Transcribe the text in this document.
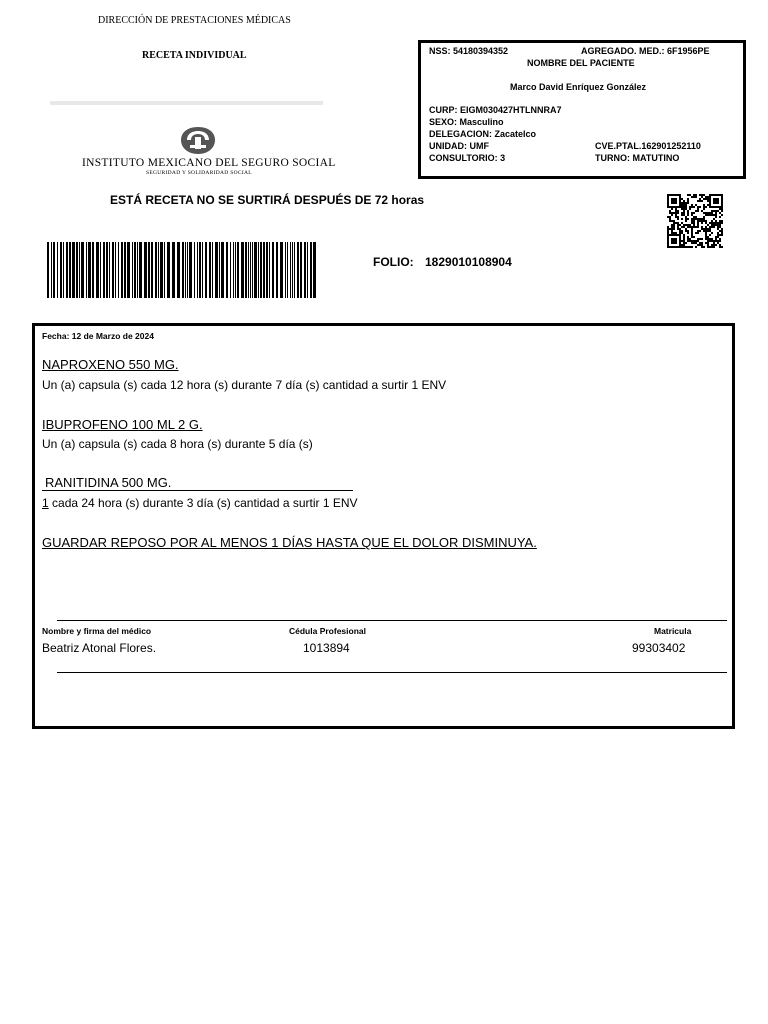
DIRECCIÓN DE PRESTACIONES MÉDICAS
RECETA INDIVIDUAL
INSTITUTO MEXICANO DEL SEGURO SOCIAL
SEGURIDAD Y SOLIDARIDAD SOCIAL
NSS: 54180394352	AGREGADO. MED.: 6F1956PE
NOMBRE DEL PACIENTE
Marco David Enríquez González
CURP: EIGM030427HTLNNRA7
SEXO: Masculino
DELEGACION: Zacatelco
UNIDAD: UMF	CVE.PTAL.162901252110
CONSULTORIO: 3	TURNO: MATUTINO
ESTÁ RECETA NO SE SURTIRÁ DESPUÉS DE 72 horas
FOLIO: 1829010108904
Fecha: 12 de Marzo de 2024
NAPROXENO 550 MG.
Un (a) capsula (s) cada 12 hora (s) durante 7 día (s) cantidad a surtir 1 ENV
IBUPROFENO 100 ML 2 G.
Un (a) capsula (s) cada 8 hora (s) durante 5 día (s)
RANITIDINA 500 MG.
1 cada 24 hora (s) durante 3 día (s) cantidad a surtir 1 ENV
GUARDAR REPOSO POR AL MENOS 1 DÍAS HASTA QUE EL DOLOR DISMINUYA.
Nombre y firma del médico	Cédula Profesional	Matricula
Beatriz Atonal Flores.	1013894	99303402
